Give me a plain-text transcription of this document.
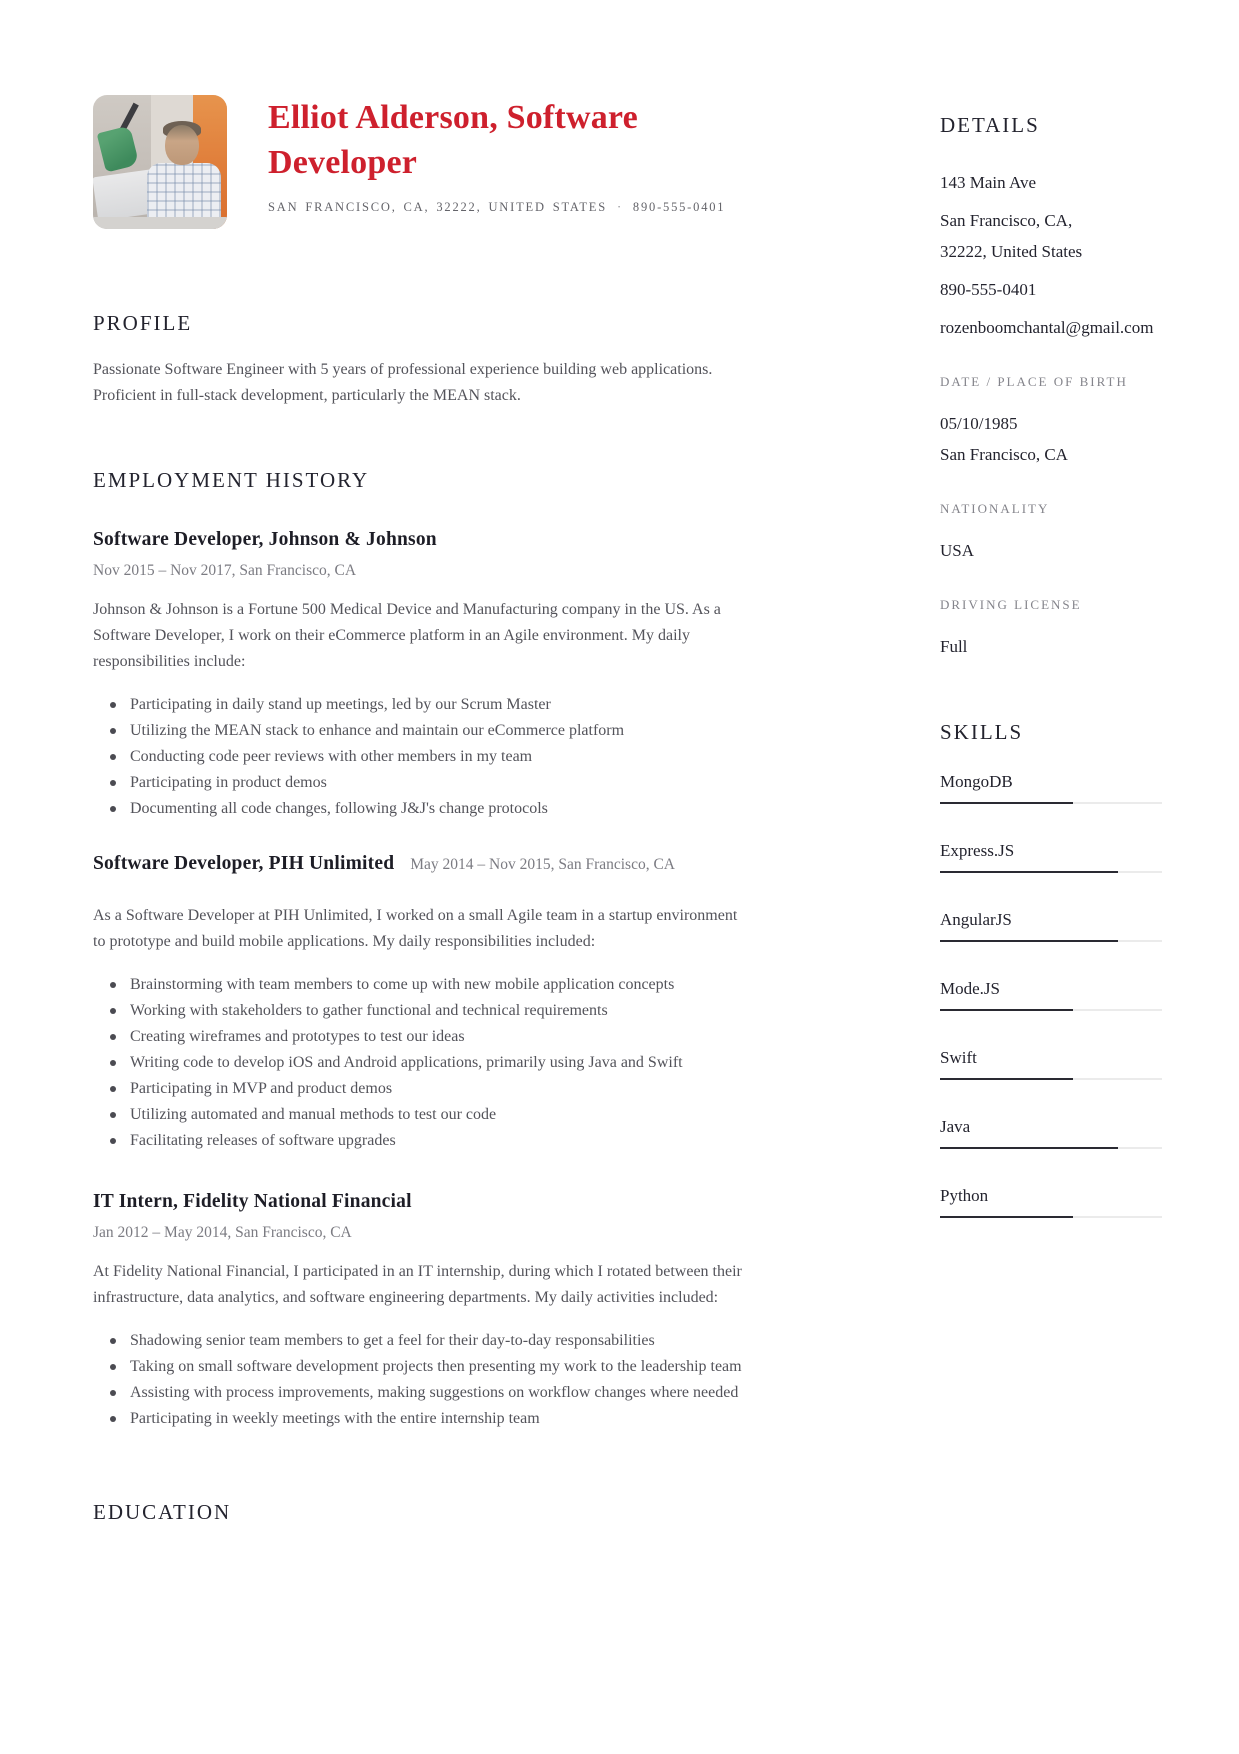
Elliot Alderson, Software Developer
SAN FRANCISCO, CA, 32222, UNITED STATES · 890-555-0401
PROFILE

Passionate Software Engineer with 5 years of professional experience building web applications. Proficient in full-stack development, particularly the MEAN stack.

EMPLOYMENT HISTORY
Software Developer, Johnson & Johnson
Nov 2015 – Nov 2017, San Francisco, CA

Johnson & Johnson is a Fortune 500 Medical Device and Manufacturing company in the US. As a Software Developer, I work on their eCommerce platform in an Agile environment. My daily responsibilities include:

Participating in daily stand up meetings, led by our Scrum Master
Utilizing the MEAN stack to enhance and maintain our eCommerce platform
Conducting code peer reviews with other members in my team
Participating in product demos
Documenting all code changes, following J&J's change protocols
Software Developer, PIH Unlimited May 2014 – Nov 2015, San Francisco, CA

As a Software Developer at PIH Unlimited, I worked on a small Agile team in a startup environment to prototype and build mobile applications. My daily responsibilities included:

Brainstorming with team members to come up with new mobile application concepts
Working with stakeholders to gather functional and technical requirements
Creating wireframes and prototypes to test our ideas
Writing code to develop iOS and Android applications, primarily using Java and Swift
Participating in MVP and product demos
Utilizing automated and manual methods to test our code
Facilitating releases of software upgrades
IT Intern, Fidelity National Financial
Jan 2012 – May 2014, San Francisco, CA

At Fidelity National Financial, I participated in an IT internship, during which I rotated between their infrastructure, data analytics, and software engineering departments. My daily activities included:

Shadowing senior team members to get a feel for their day-to-day responsabilities
Taking on small software development projects then presenting my work to the leadership team
Assisting with process improvements, making suggestions on workflow changes where needed
Participating in weekly meetings with the entire internship team
EDUCATION
DETAILS
143 Main Ave
San Francisco, CA,
32222, United States
890-555-0401
rozenboomchantal@gmail.com
DATE / PLACE OF BIRTH
05/10/1985
San Francisco, CA
NATIONALITY
USA
DRIVING LICENSE
Full
SKILLS
MongoDB
Express.JS
AngularJS
Mode.JS
Swift
Java
Python
